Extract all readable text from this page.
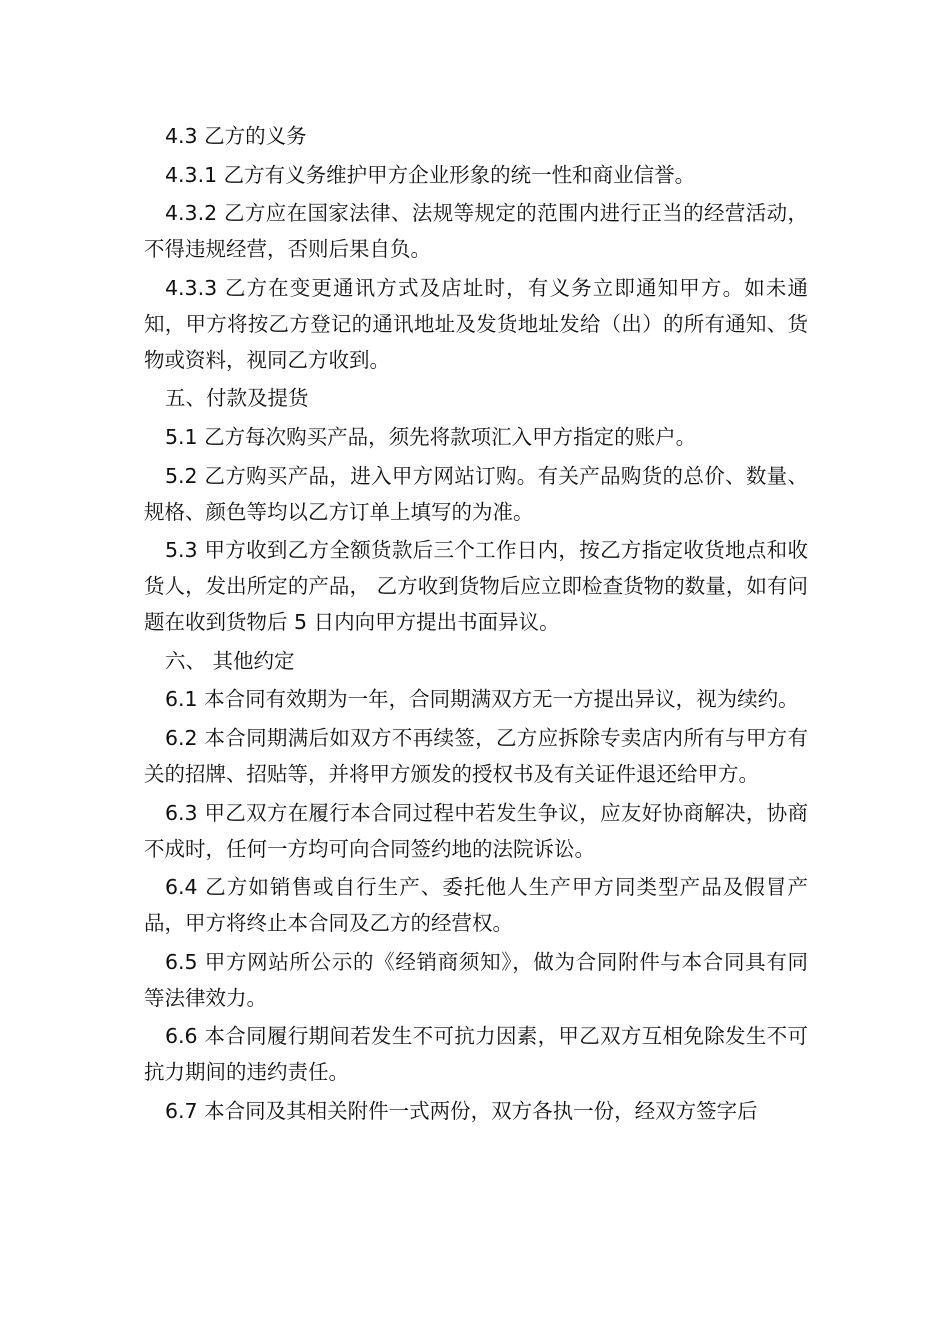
4.3 乙方的义务

4.3.1 乙方有义务维护甲方企业形象的统一性和商业信誉。

4.3.2 乙方应在国家法律、法规等规定的范围内进行正当的经营活动，不得违规经营，否则后果自负。

4.3.3 乙方在变更通讯方式及店址时，有义务立即通知甲方。如未通知，甲方将按乙方登记的通讯地址及发货地址发给（出）的所有通知、货物或资料，视同乙方收到。

五、付款及提货

5.1 乙方每次购买产品，须先将款项汇入甲方指定的账户。

5.2 乙方购买产品，进入甲方网站订购。有关产品购货的总价、数量、规格、颜色等均以乙方订单上填写的为准。

5.3 甲方收到乙方全额货款后三个工作日内，按乙方指定收货地点和收货人，发出所定的产品， 乙方收到货物后应立即检查货物的数量，如有问题在收到货物后 5 日内向甲方提出书面异议。

六、 其他约定

6.1 本合同有效期为一年，合同期满双方无一方提出异议，视为续约。

6.2 本合同期满后如双方不再续签，乙方应拆除专卖店内所有与甲方有关的招牌、招贴等，并将甲方颁发的授权书及有关证件退还给甲方。

6.3 甲乙双方在履行本合同过程中若发生争议，应友好协商解决，协商不成时，任何一方均可向合同签约地的法院诉讼。

6.4 乙方如销售或自行生产、委托他人生产甲方同类型产品及假冒产品，甲方将终止本合同及乙方的经营权。

6.5 甲方网站所公示的《经销商须知》，做为合同附件与本合同具有同等法律效力。

6.6 本合同履行期间若发生不可抗力因素，甲乙双方互相免除发生不可抗力期间的违约责任。

6.7 本合同及其相关附件一式两份，双方各执一份，经双方签字后
